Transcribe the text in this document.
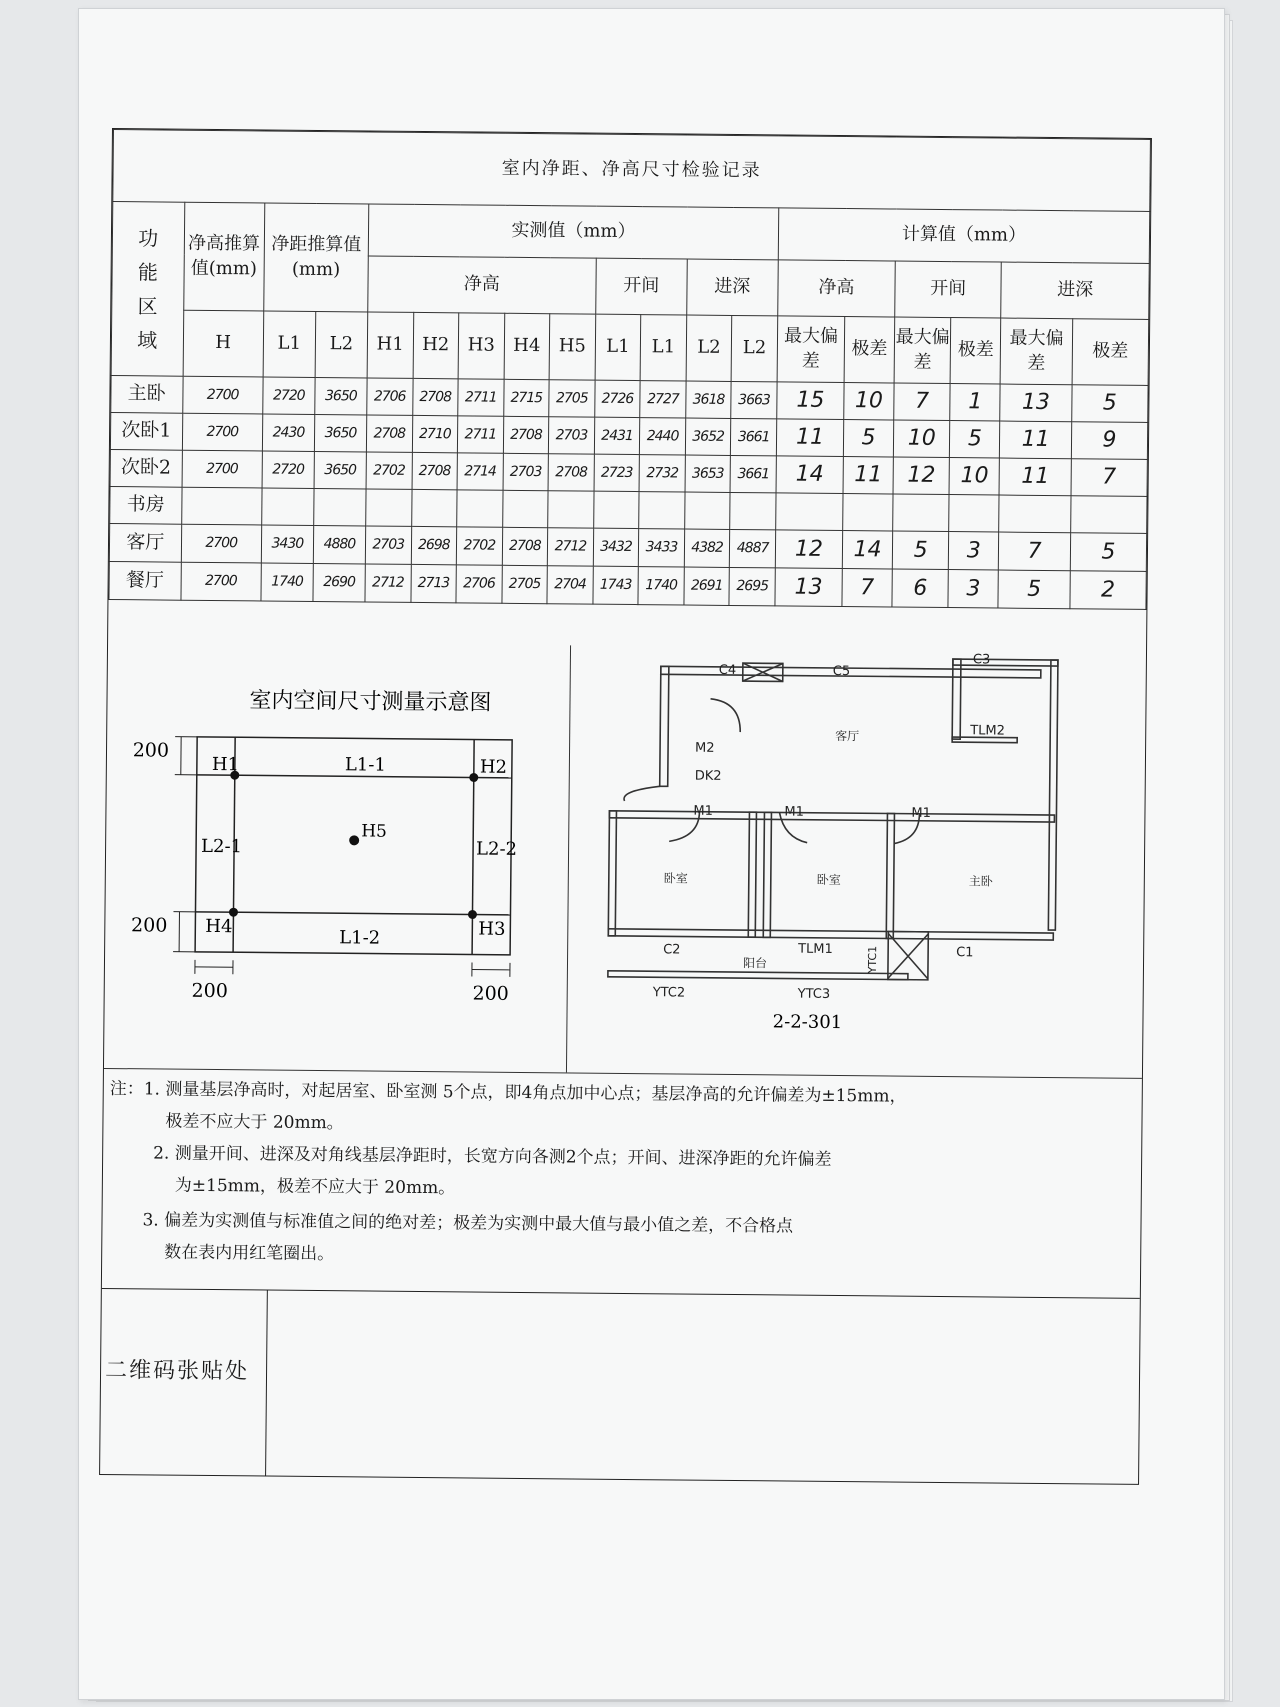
室内净距、净高尺寸检验记录																		

功
能
区
域	净高推算值(mm)	净距推算值(mm)		实测值（mm）									计算值（mm）					
				净高					开间		进深		净高		开间		进深	
	H	L1	L2	H1	H2	H3	H4	H5	L1	L1	L2	L2	最大偏差	极差	最大偏差	极差	最大偏差	极差
主卧	2700	2720	3650	2706	2708	2711	2715	2705	2726	2727	3618	3663	15	10	7	1	13	5
次卧1	2700	2430	3650	2708	2710	2711	2708	2703	2431	2440	3652	3661	11	5	10	5	11	9
次卧2	2700	2720	3650	2702	2708	2714	2703	2708	2723	2732	3653	3661	14	11	12	10	11	7
书房																		
客厅	2700	3430	4880	2703	2698	2702	2708	2712	3432	3433	4382	4887	12	14	5	3	7	5
餐厅	2700	1740	2690	2712	2713	2706	2705	2704	1743	1740	2691	2695	13	7	6	3	5	2
室内空间尺寸测量示意图
H1	H2
H3
H4
H5
L1-1
L1-2
L2-1	L2-2
200
200
200	200
C4	C5
C3
客厅	TLM2
M2
DK2
M1	M1	M1
卧室	卧室	主卧
C2	TLM1	C1
阳台	YTC1
YTC2	YTC3
2-2-301

注：1. 测量基层净高时，对起居室、卧室测 5个点，即4角点加中心点；基层净高的允许偏差为±15mm，

极差不应大于 20mm。

2. 测量开间、进深及对角线基层净距时，长宽方向各测2个点；开间、进深净距的允许偏差

为±15mm，极差不应大于 20mm。

3. 偏差为实测值与标准值之间的绝对差；极差为实测中最大值与最小值之差，不合格点

数在表内用红笔圈出。

二维码张贴处
